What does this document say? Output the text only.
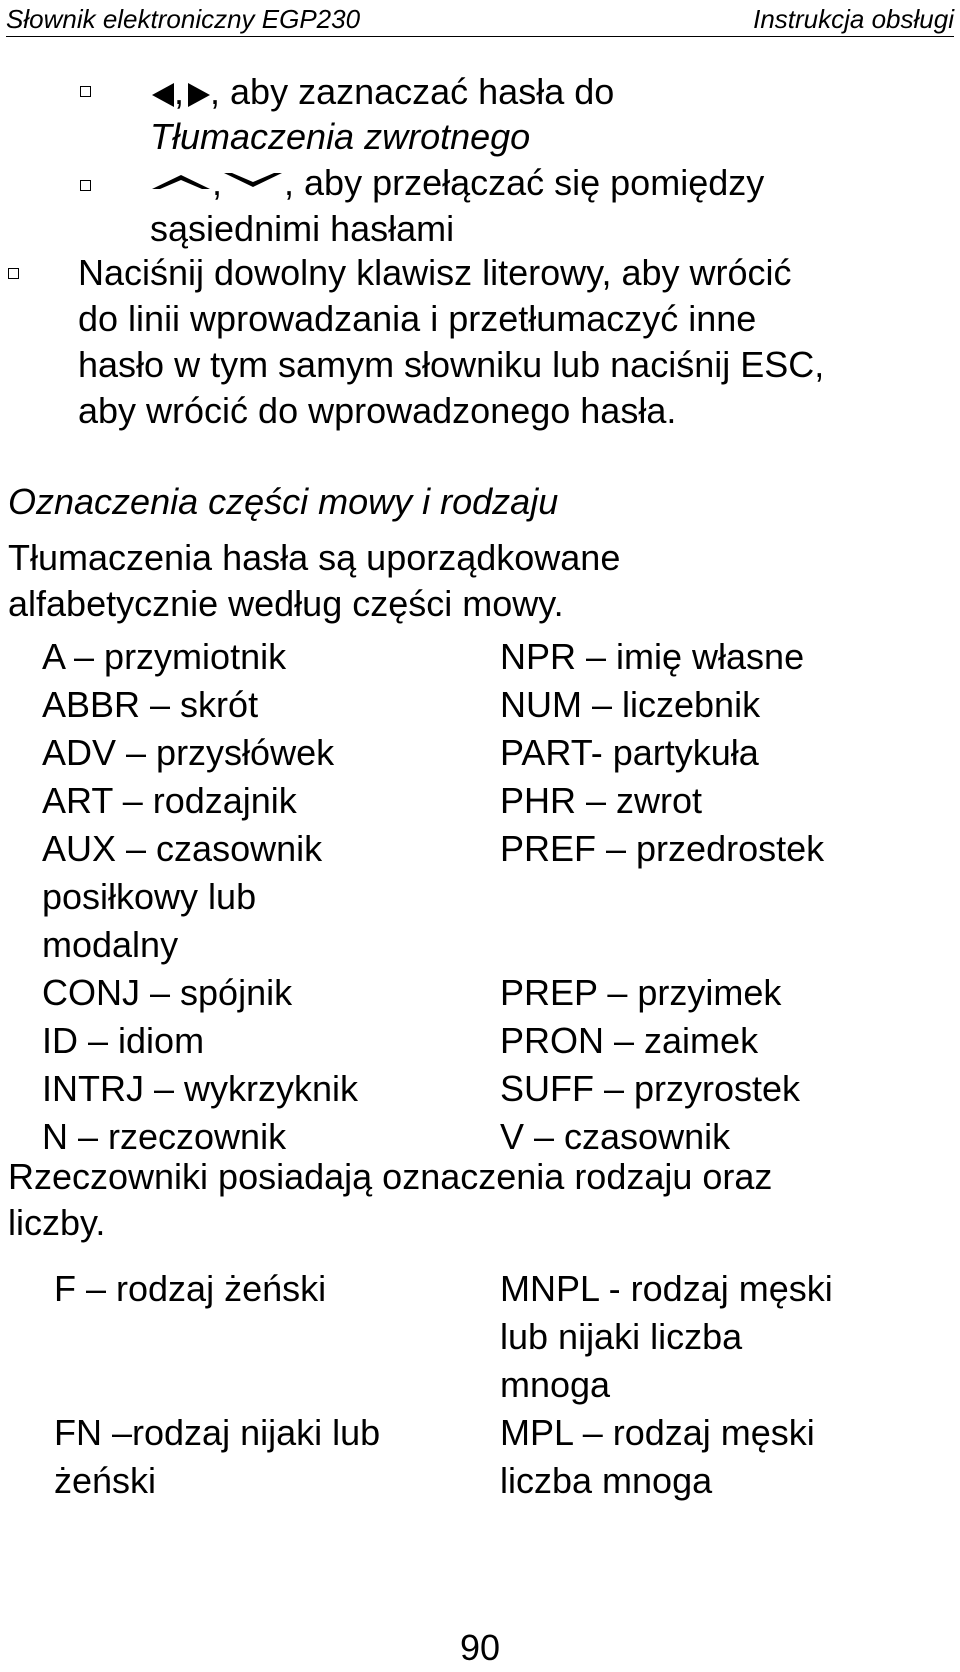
Słownik elektroniczny EGP230	Instrukcja obsługi
, , aby zaznaczać hasła do
Tłumaczenia zwrotnego
, , aby przełączać się pomiędzy
sąsiednimi hasłami
Naciśnij dowolny klawisz literowy, aby wrócić
do linii wprowadzania i przetłumaczyć inne
hasło w tym samym słowniku lub naciśnij ESC,
aby wrócić do wprowadzonego hasła.
Oznaczenia części mowy i rodzaju
Tłumaczenia hasła są uporządkowane
alfabetycznie według części mowy.
A – przymiotnik
ABBR – skrót
ADV – przysłówek
ART – rodzajnik
AUX – czasownik
posiłkowy lub
modalny
CONJ – spójnik
ID – idiom
INTRJ – wykrzyknik
N – rzeczownik
NPR – imię własne
NUM – liczebnik
PART- partykuła
PHR – zwrot
PREF – przedrostek
PREP – przyimek
PRON – zaimek
SUFF – przyrostek
V – czasownik
Rzeczowniki posiadają oznaczenia rodzaju oraz
liczby.
F – rodzaj żeński
FN –rodzaj nijaki lub
żeński
MNPL - rodzaj męski
lub nijaki liczba
mnoga
MPL – rodzaj męski
liczba mnoga
90
